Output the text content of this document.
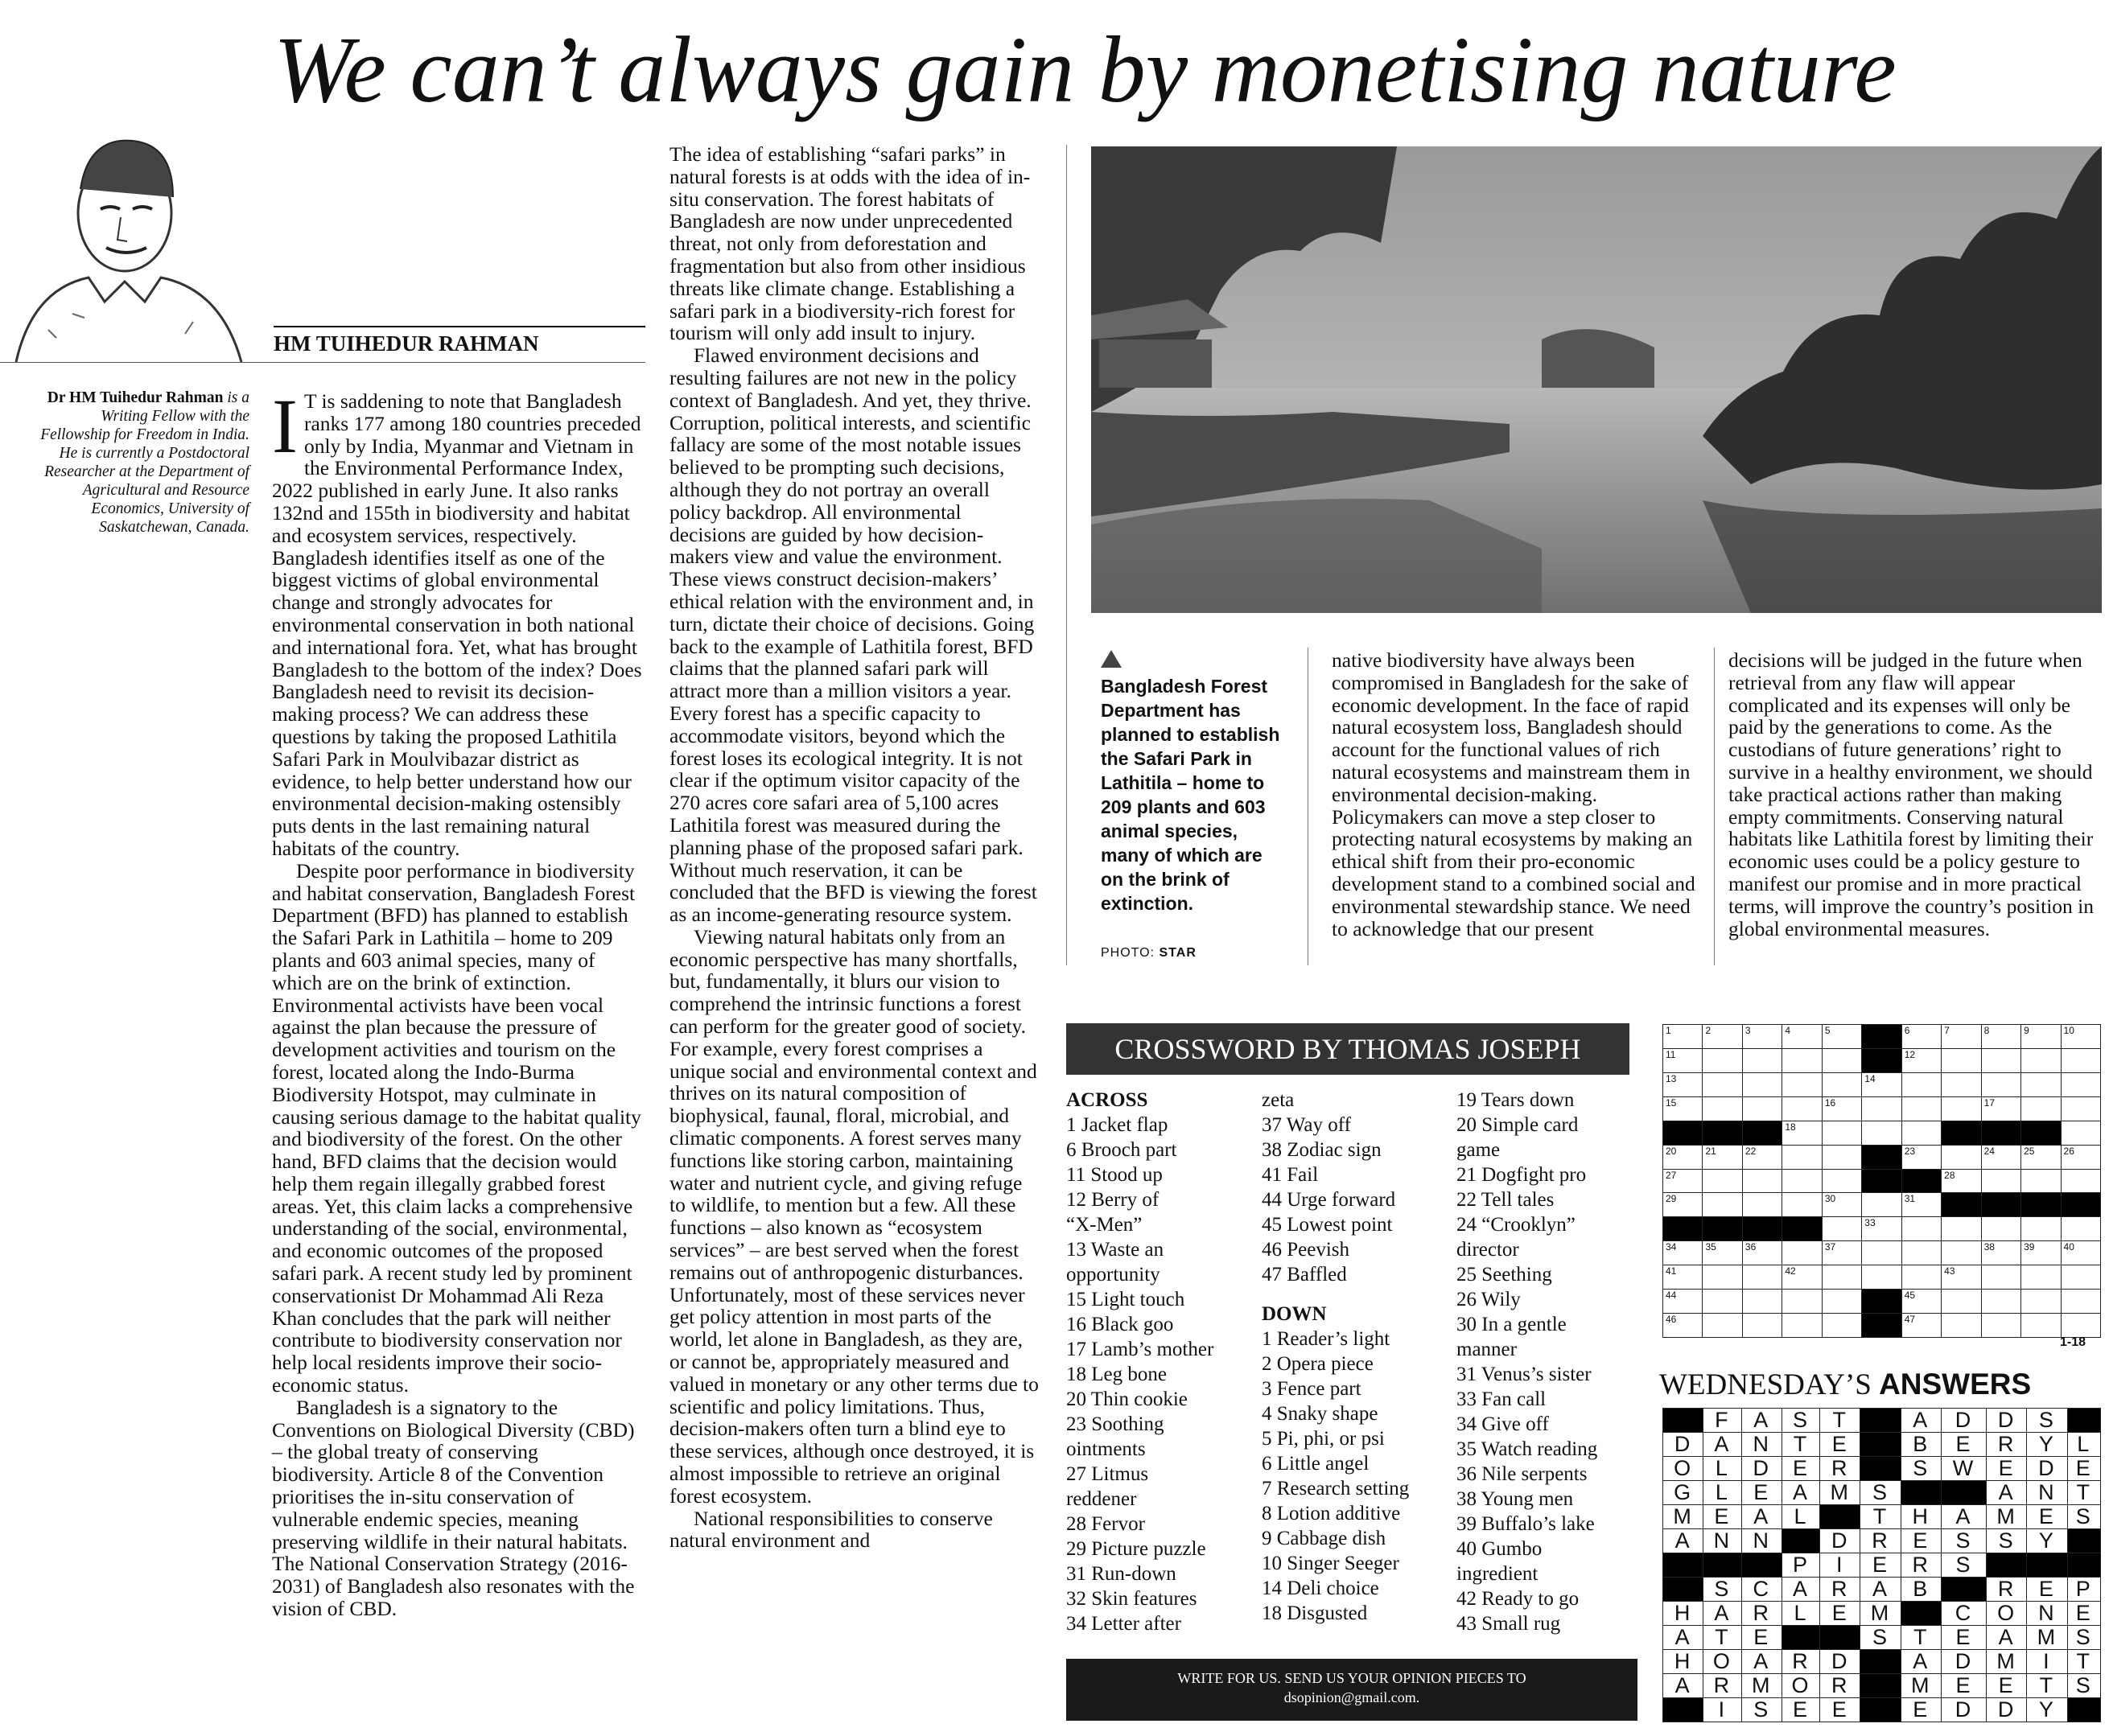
We can’t always gain by monetising nature
HM TUIHEDUR RAHMAN
Dr HM Tuihedur Rahman is a Writing Fellow with the Fellowship for Freedom in India. He is currently a Postdoctoral Researcher at the Department of Agricultural and Resource Economics, University of Saskatchewan, Canada.

I T is saddening to note that Bangladesh ranks 177 among 180 countries preceded only by India, Myanmar and Vietnam in the Environmental Performance Index, 2022 published in early June. It also ranks 132nd and 155th in biodiversity and habitat and ecosystem services, respectively. Bangladesh identifies itself as one of the biggest victims of global environmental change and strongly advocates for environmental conservation in both national and international fora. Yet, what has brought Bangladesh to the bottom of the index? Does Bangladesh need to revisit its decision-making process? We can address these questions by taking the proposed Lathitila Safari Park in Moulvibazar district as evidence, to help better understand how our environmental decision-making ostensibly puts dents in the last remaining natural habitats of the country.

Despite poor performance in biodiversity and habitat conservation, Bangladesh Forest Department (BFD) has planned to establish the Safari Park in Lathitila – home to 209 plants and 603 animal species, many of which are on the brink of extinction. Environmental activists have been vocal against the plan because the pressure of development activities and tourism on the forest, located along the Indo-Burma Biodiversity Hotspot, may culminate in causing serious damage to the habitat quality and biodiversity of the forest. On the other hand, BFD claims that the decision would help them regain illegally grabbed forest areas. Yet, this claim lacks a comprehensive understanding of the social, environmental, and economic outcomes of the proposed safari park. A recent study led by prominent conservationist Dr Mohammad Ali Reza Khan concludes that the park will neither contribute to biodiversity conservation nor help local residents improve their socio-economic status.

Bangladesh is a signatory to the Conventions on Biological Diversity (CBD) – the global treaty of conserving biodiversity. Article 8 of the Convention prioritises the in-situ conservation of vulnerable endemic species, meaning preserving wildlife in their natural habitats. The National Conservation Strategy (2016-2031) of Bangladesh also resonates with the vision of CBD.

The idea of establishing “safari parks” in natural forests is at odds with the idea of in-situ conservation. The forest habitats of Bangladesh are now under unprecedented threat, not only from deforestation and fragmentation but also from other insidious threats like climate change. Establishing a safari park in a biodiversity-rich forest for tourism will only add insult to injury.

Flawed environment decisions and resulting failures are not new in the policy context of Bangladesh. And yet, they thrive. Corruption, political interests, and scientific fallacy are some of the most notable issues believed to be prompting such decisions, although they do not portray an overall policy backdrop. All environmental decisions are guided by how decision-makers view and value the environment. These views construct decision-makers’ ethical relation with the environment and, in turn, dictate their choice of decisions. Going back to the example of Lathitila forest, BFD claims that the planned safari park will attract more than a million visitors a year. Every forest has a specific capacity to accommodate visitors, beyond which the forest loses its ecological integrity. It is not clear if the optimum visitor capacity of the 270 acres core safari area of 5,100 acres Lathitila forest was measured during the planning phase of the proposed safari park. Without much reservation, it can be concluded that the BFD is viewing the forest as an income-generating resource system.

Viewing natural habitats only from an economic perspective has many shortfalls, but, fundamentally, it blurs our vision to comprehend the intrinsic functions a forest can perform for the greater good of society. For example, every forest comprises a unique social and environmental context and thrives on its natural composition of biophysical, faunal, floral, microbial, and climatic components. A forest serves many functions like storing carbon, maintaining water and nutrient cycle, and giving refuge to wildlife, to mention but a few. All these functions – also known as “ecosystem services” – are best served when the forest remains out of anthropogenic disturbances. Unfortunately, most of these services never get policy attention in most parts of the world, let alone in Bangladesh, as they are, or cannot be, appropriately measured and valued in monetary or any other terms due to scientific and policy limitations. Thus, decision-makers often turn a blind eye to these services, although once destroyed, it is almost impossible to retrieve an original forest ecosystem.

National responsibilities to conserve natural environment and

Bangladesh Forest Department has planned to establish the Safari Park in Lathitila – home to 209 plants and 603 animal species, many of which are on the brink of extinction.
PHOTO: STAR

native biodiversity have always been compromised in Bangladesh for the sake of economic development. In the face of rapid natural ecosystem loss, Bangladesh should account for the functional values of rich natural ecosystems and mainstream them in environmental decision-making. Policymakers can move a step closer to protecting natural ecosystems by making an ethical shift from their pro-economic development stand to a combined social and environmental stewardship stance. We need to acknowledge that our present

decisions will be judged in the future when retrieval from any flaw will appear complicated and its expenses will only be paid by the generations to come. As the custodians of future generations’ right to survive in a healthy environment, we should take practical actions rather than making empty commitments. Conserving natural habitats like Lathitila forest by limiting their economic uses could be a policy gesture to manifest our promise and in more practical terms, will improve the country’s position in global environmental measures.

CROSSWORD BY THOMAS JOSEPH
ACROSS
1 Jacket flap
6 Brooch part
11 Stood up
12 Berry of
“X-Men”
13 Waste an
opportunity
15 Light touch
16 Black goo
17 Lamb’s mother
18 Leg bone
20 Thin cookie
23 Soothing
ointments
27 Litmus
reddener
28 Fervor
29 Picture puzzle
31 Run-down
32 Skin features
34 Letter after
zeta
37 Way off
38 Zodiac sign
41 Fail
44 Urge forward
45 Lowest point
46 Peevish
47 Baffled
DOWN
1 Reader’s light
2 Opera piece
3 Fence part
4 Snaky shape
5 Pi, phi, or psi
6 Little angel
7 Research setting
8 Lotion additive
9 Cabbage dish
10 Singer Seeger
14 Deli choice
18 Disgusted
19 Tears down
20 Simple card
game
21 Dogfight pro
22 Tell tales
24 “Crooklyn”
director
25 Seething
26 Wily
30 In a gentle
manner
31 Venus’s sister
33 Fan call
34 Give off
35 Watch reading
36 Nile serpents
38 Young men
39 Buffalo’s lake
40 Gumbo
ingredient
42 Ready to go
43 Small rug
1	2	3	4	5		6	7	8	9	10

11						12				

13					14					

15				16				17		

			18							

20	21	22				23		24	25	26

27							28			

29				30		31				

					33					

34	35	36		37				38	39	40

41			42				43			

44						45				

46						47				

1-18
WEDNESDAY’S ANSWERS

	F	A	S	T		A	D	D	S	

D	A	N	T	E		B	E	R	Y	L

O	L	D	E	R		S	W	E	D	E

G	L	E	A	M	S			A	N	T

M	E	A	L		T	H	A	M	E	S

A	N	N		D	R	E	S	S	Y	

			P	I	E	R	S			

	S	C	A	R	A	B		R	E	P

H	A	R	L	E	M		C	O	N	E

A	T	E			S	T	E	A	M	S

H	O	A	R	D		A	D	M	I	T

A	R	M	O	R		M	E	E	T	S

	I	S	E	E		E	D	D	Y	

WRITE FOR US. SEND US YOUR OPINION PIECES TO
dsopinion@gmail.com.
